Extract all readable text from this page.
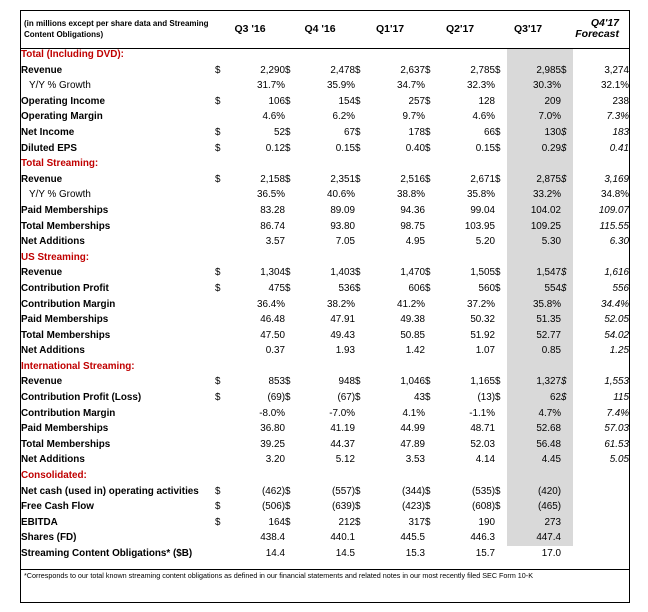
(in millions except per share data and Streaming Content Obligations)	Q3 '16		Q4 '16		Q1'17		Q2'17		Q3'17		Q4'17
Forecast	
Total (Including DVD):												
Revenue	$	2,290	$	2,478	$	2,637	$	2,785	$	2,985	$	3,274
Y/Y % Growth		31.7%		35.9%		34.7%		32.3%		30.3%		32.1%
Operating Income	$	106	$	154	$	257	$	128		209		238
Operating Margin		4.6%		6.2%		9.7%		4.6%		7.0%		7.3%
Net Income	$	52	$	67	$	178	$	66	$	130	$	183
Diluted EPS	$	0.12	$	0.15	$	0.40	$	0.15	$	0.29	$	0.41
Total Streaming:												
Revenue	$	2,158	$	2,351	$	2,516	$	2,671	$	2,875	$	3,169
Y/Y % Growth		36.5%		40.6%		38.8%		35.8%		33.2%		34.8%
Paid Memberships		83.28		89.09		94.36		99.04		104.02		109.07
Total Memberships		86.74		93.80		98.75		103.95		109.25		115.55
Net Additions		3.57		7.05		4.95		5.20		5.30		6.30
US Streaming:												
Revenue	$	1,304	$	1,403	$	1,470	$	1,505	$	1,547	$	1,616
Contribution Profit	$	475	$	536	$	606	$	560	$	554	$	556
Contribution Margin		36.4%		38.2%		41.2%		37.2%		35.8%		34.4%
Paid Memberships		46.48		47.91		49.38		50.32		51.35		52.05
Total Memberships		47.50		49.43		50.85		51.92		52.77		54.02
Net Additions		0.37		1.93		1.42		1.07		0.85		1.25
International Streaming:												
Revenue	$	853	$	948	$	1,046	$	1,165	$	1,327	$	1,553
Contribution Profit (Loss)	$	(69)	$	(67)	$	43	$	(13)	$	62	$	115
Contribution Margin		-8.0%		-7.0%		4.1%		-1.1%		4.7%		7.4%
Paid Memberships		36.80		41.19		44.99		48.71		52.68		57.03
Total Memberships		39.25		44.37		47.89		52.03		56.48		61.53
Net Additions		3.20		5.12		3.53		4.14		4.45		5.05
Consolidated:												
Net cash (used in) operating activities	$	(462)	$	(557)	$	(344)	$	(535)	$	(420)		
Free Cash Flow	$	(506)	$	(639)	$	(423)	$	(608)	$	(465)		
EBITDA	$	164	$	212	$	317	$	190		273		
Shares (FD)		438.4		440.1		445.5		446.3		447.4		
Streaming Content Obligations* ($B)		14.4		14.5		15.3		15.7		17.0		
*Corresponds to our total known streaming content obligations as defined in our financial statements and related notes in our most recently filed SEC Form 10-K
